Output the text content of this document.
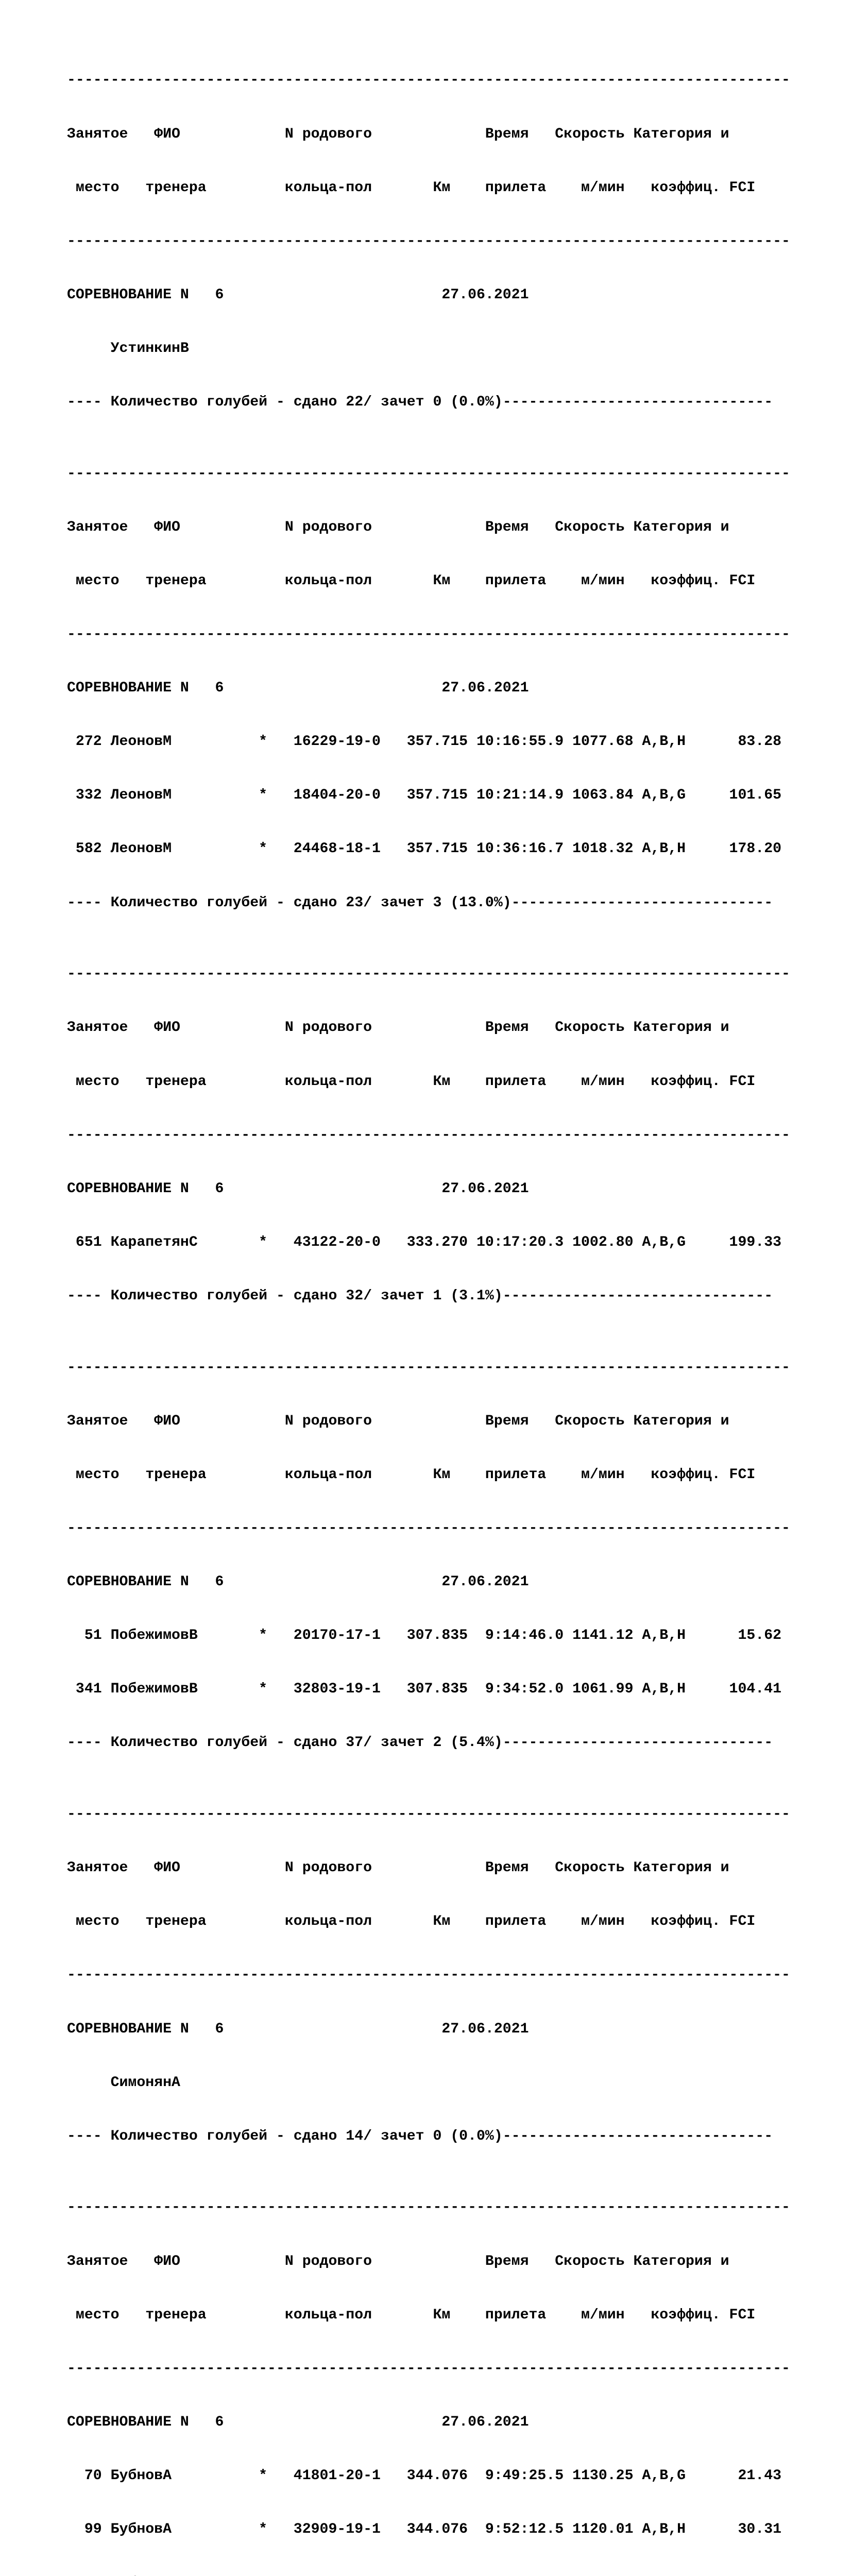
-----------------------------------------------------------------------------------

Занятое   ФИО            N родового             Время   Скорость Категория и

место   тренера         кольца-пол       Км    прилета    м/мин   коэффиц. FCI

-----------------------------------------------------------------------------------

СОРЕВНОВАНИЕ N   6                         27.06.2021

УстинкинВ

---- Количество голубей - сдано 22/ зачет 0 (0.0%)-------------------------------

-----------------------------------------------------------------------------------

Занятое   ФИО            N родового             Время   Скорость Категория и

место   тренера         кольца-пол       Км    прилета    м/мин   коэффиц. FCI

-----------------------------------------------------------------------------------

СОРЕВНОВАНИЕ N   6                         27.06.2021

272 ЛеоновМ          *   16229-19-0   357.715 10:16:55.9 1077.68 A,B,H      83.28

332 ЛеоновМ          *   18404-20-0   357.715 10:21:14.9 1063.84 A,B,G     101.65

582 ЛеоновМ          *   24468-18-1   357.715 10:36:16.7 1018.32 A,B,H     178.20

---- Количество голубей - сдано 23/ зачет 3 (13.0%)------------------------------

-----------------------------------------------------------------------------------

Занятое   ФИО            N родового             Время   Скорость Категория и

место   тренера         кольца-пол       Км    прилета    м/мин   коэффиц. FCI

-----------------------------------------------------------------------------------

СОРЕВНОВАНИЕ N   6                         27.06.2021

651 КарапетянС       *   43122-20-0   333.270 10:17:20.3 1002.80 A,B,G     199.33

---- Количество голубей - сдано 32/ зачет 1 (3.1%)-------------------------------

-----------------------------------------------------------------------------------

Занятое   ФИО            N родового             Время   Скорость Категория и

место   тренера         кольца-пол       Км    прилета    м/мин   коэффиц. FCI

-----------------------------------------------------------------------------------

СОРЕВНОВАНИЕ N   6                         27.06.2021

51 ПобежимовВ       *   20170-17-1   307.835  9:14:46.0 1141.12 A,B,H      15.62

341 ПобежимовВ       *   32803-19-1   307.835  9:34:52.0 1061.99 A,B,H     104.41

---- Количество голубей - сдано 37/ зачет 2 (5.4%)-------------------------------

-----------------------------------------------------------------------------------

Занятое   ФИО            N родового             Время   Скорость Категория и

место   тренера         кольца-пол       Км    прилета    м/мин   коэффиц. FCI

-----------------------------------------------------------------------------------

СОРЕВНОВАНИЕ N   6                         27.06.2021

СимонянА

---- Количество голубей - сдано 14/ зачет 0 (0.0%)-------------------------------

-----------------------------------------------------------------------------------

Занятое   ФИО            N родового             Время   Скорость Категория и

место   тренера         кольца-пол       Км    прилета    м/мин   коэффиц. FCI

-----------------------------------------------------------------------------------

СОРЕВНОВАНИЕ N   6                         27.06.2021

70 БубновА          *   41801-20-1   344.076  9:49:25.5 1130.25 A,B,G      21.43

99 БубновА          *   32909-19-1   344.076  9:52:12.5 1120.01 A,B,H      30.31
